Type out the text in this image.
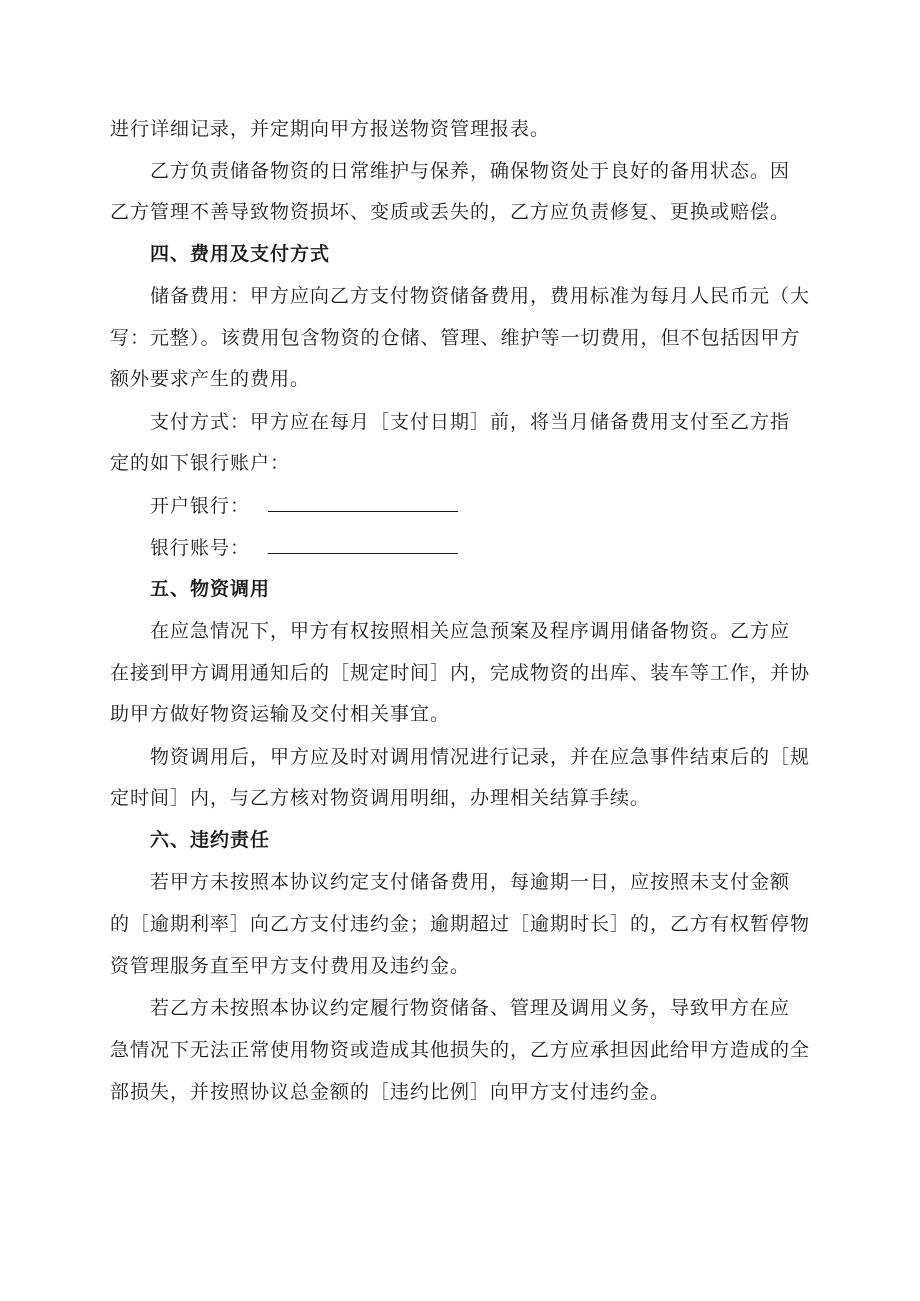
进行详细记录，并定期向甲方报送物资管理报表。
乙方负责储备物资的日常维护与保养，确保物资处于良好的备用状态。因
乙方管理不善导致物资损坏、变质或丢失的，乙方应负责修复、更换或赔偿。
四、费用及支付方式
储备费用：甲方应向乙方支付物资储备费用，费用标准为每月人民币元（大
写：元整）。该费用包含物资的仓储、管理、维护等一切费用，但不包括因甲方
额外要求产生的费用。
支付方式：甲方应在每月［支付日期］前，将当月储备费用支付至乙方指
定的如下银行账户：
开户银行：
银行账号：
五、物资调用
在应急情况下，甲方有权按照相关应急预案及程序调用储备物资。乙方应
在接到甲方调用通知后的［规定时间］内，完成物资的出库、装车等工作，并协
助甲方做好物资运输及交付相关事宜。
物资调用后，甲方应及时对调用情况进行记录，并在应急事件结束后的［规
定时间］内，与乙方核对物资调用明细，办理相关结算手续。
六、违约责任
若甲方未按照本协议约定支付储备费用，每逾期一日，应按照未支付金额
的［逾期利率］向乙方支付违约金；逾期超过［逾期时长］的，乙方有权暂停物
资管理服务直至甲方支付费用及违约金。
若乙方未按照本协议约定履行物资储备、管理及调用义务，导致甲方在应
急情况下无法正常使用物资或造成其他损失的，乙方应承担因此给甲方造成的全
部损失，并按照协议总金额的［违约比例］向甲方支付违约金。
